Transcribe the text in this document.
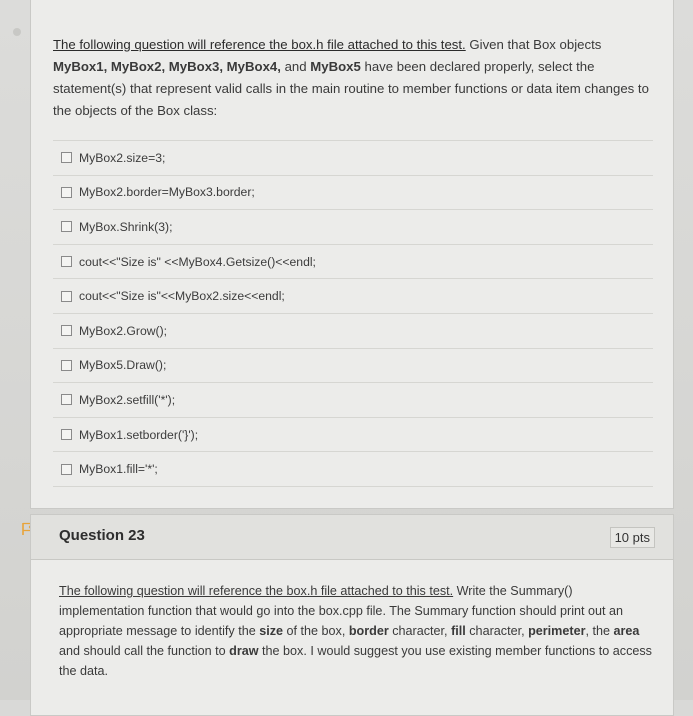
The following question will reference the box.h file attached to this test. Given that Box objects MyBox1, MyBox2, MyBox3, MyBox4, and MyBox5 have been declared properly, select the statement(s) that represent valid calls in the main routine to member functions or data item changes to the objects of the Box class:
MyBox2.size=3;
MyBox2.border=MyBox3.border;
MyBox.Shrink(3);
cout<<"Size is" <<MyBox4.Getsize()<<endl;
cout<<"Size is"<<MyBox2.size<<endl;
MyBox2.Grow();
MyBox5.Draw();
MyBox2.setfill('*');
MyBox1.setborder('}');
MyBox1.fill='*';
Question 23	10 pts
The following question will reference the box.h file attached to this test. Write the Summary() implementation function that would go into the box.cpp file. The Summary function should print out an appropriate message to identify the size of the box, border character, fill character, perimeter, the area and should call the function to draw the box. I would suggest you use existing member functions to access the data.
